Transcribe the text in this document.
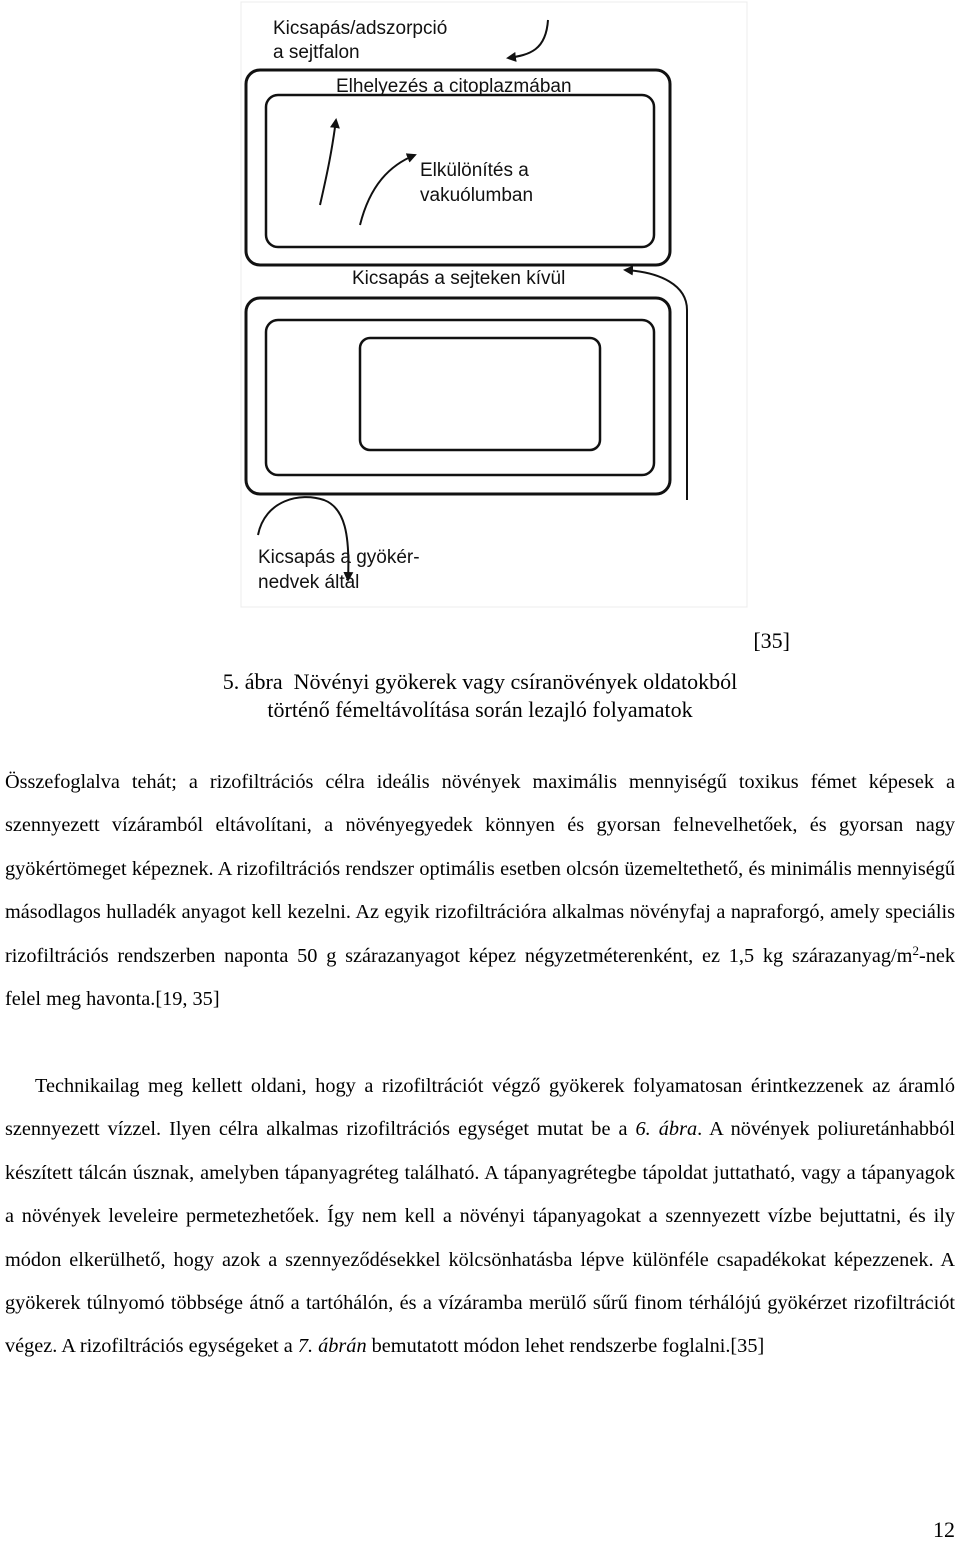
Kicsapás/adszorpció
a sejtfalon
Elhelyezés a citoplazmában
Elkülönítés a
vakuólumban
Kicsapás a sejteken kívül
Kicsapás a gyökér-
nedvek által
[35]
5. ábra  Növényi gyökerek vagy csíranövények oldatokból
történő fémeltávolítása során lezajló folyamatok

Összefoglalva tehát; a rizofiltrációs célra ideális növények maximális mennyiségű toxikus fémet képesek a szennyezett vízáramból eltávolítani, a növényegyedek könnyen és gyorsan felnevelhetőek, és gyorsan nagy gyökértömeget képeznek. A rizofiltrációs rendszer optimális esetben olcsón üzemeltethető, és minimális mennyiségű másodlagos hulladék anyagot kell kezelni. Az egyik rizofiltrációra alkalmas növényfaj a napraforgó, amely speciális rizofiltrációs rendszerben naponta 50 g szárazanyagot képez négyzetméterenként, ez 1,5 kg szárazanyag/$m^2$-nek felel meg havonta.[19, 35]

Technikailag meg kellett oldani, hogy a rizofiltrációt végző gyökerek folyamatosan érintkezzenek az áramló szennyezett vízzel. Ilyen célra alkalmas rizofiltrációs egységet mutat be a 6. ábra. A növények poliuretánhabból készített tálcán úsznak, amelyben tápanyagréteg található. A tápanyagrétegbe tápoldat juttatható, vagy a tápanyagok a növények leveleire permetezhetőek. Így nem kell a növényi tápanyagokat a szennyezett vízbe bejuttatni, és ily módon elkerülhető, hogy azok a szennyeződésekkel kölcsönhatásba lépve különféle csapadékokat képezzenek. A gyökerek túlnyomó többsége átnő a tartóhálón, és a vízáramba merülő sűrű finom térhálójú gyökérzet rizofiltrációt végez. A rizofiltrációs egységeket a 7. ábrán bemutatott módon lehet rendszerbe foglalni.[35]

12
